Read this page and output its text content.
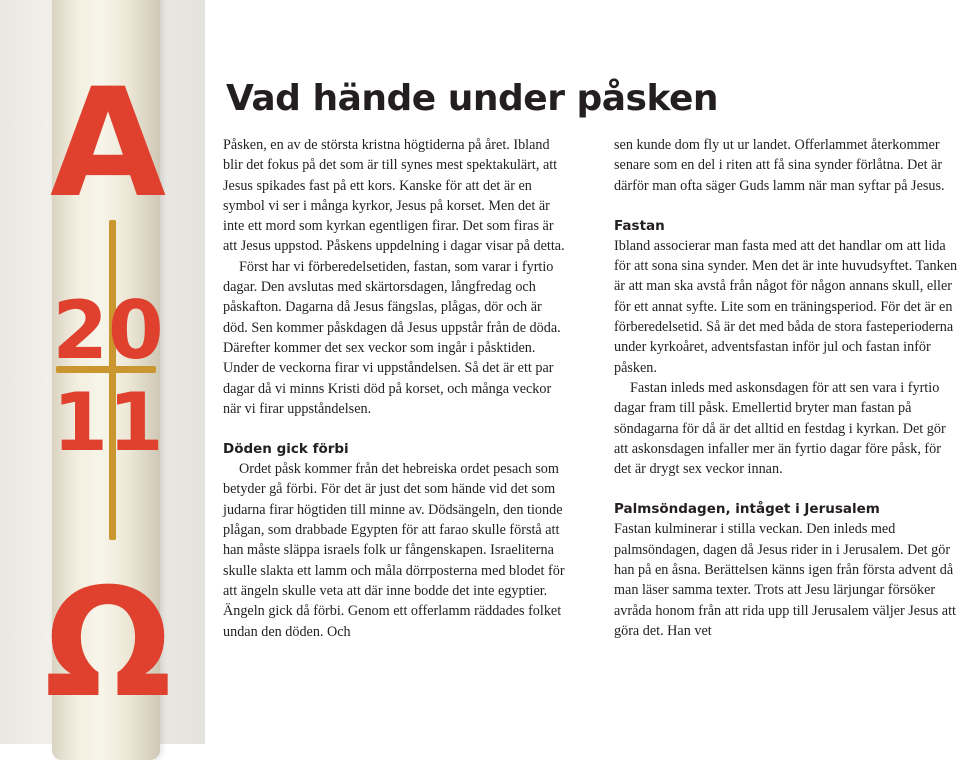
A
20
11
Ω
Vad hände under påsken

Påsken, en av de största kristna högtiderna på året. Ibland blir det fokus på det som är till synes mest spektakulärt, att Jesus spikades fast på ett kors. Kanske för att det är en symbol vi ser i många kyrkor, Jesus på korset. Men det är inte ett mord som kyrkan egentligen firar. Det som firas är att Jesus uppstod. Påskens uppdelning i dagar visar på detta.

Först har vi förberedelsetiden, fastan, som varar i fyrtio dagar. Den avslutas med skärtorsdagen, långfredag och påskafton. Dagarna då Jesus fängslas, plågas, dör och är död. Sen kommer påskdagen då Jesus uppstår från de döda. Därefter kommer det sex veckor som ingår i påsktiden. Under de veckorna firar vi uppståndelsen. Så det är ett par dagar då vi minns Kristi död på korset, och många veckor när vi firar uppståndelsen.

Döden gick förbi

Ordet påsk kommer från det hebreiska ordet pesach som betyder gå förbi. För det är just det som hände vid det som judarna firar högtiden till minne av. Dödsängeln, den tionde plågan, som drabbade Egypten för att farao skulle förstå att han måste släppa israels folk ur fångenskapen. Israeliterna skulle slakta ett lamm och måla dörrposterna med blodet för att ängeln skulle veta att där inne bodde det inte egyptier. Ängeln gick då förbi. Genom ett offerlamm räddades folket undan den döden. Och

sen kunde dom fly ut ur landet. Offerlammet återkommer senare som en del i riten att få sina synder förlåtna. Det är därför man ofta säger Guds lamm när man syftar på Jesus.

Fastan

Ibland associerar man fasta med att det handlar om att lida för att sona sina synder. Men det är inte huvudsyftet. Tanken är att man ska avstå från något för någon annans skull, eller för ett annat syfte. Lite som en träningsperiod. För det är en förberedelsetid. Så är det med båda de stora fasteperioderna under kyrkoåret, adventsfastan inför jul och fastan inför påsken.

Fastan inleds med askonsdagen för att sen vara i fyrtio dagar fram till påsk. Emellertid bryter man fastan på söndagarna för då är det alltid en festdag i kyrkan. Det gör att askonsdagen infaller mer än fyrtio dagar före påsk, för det är drygt sex veckor innan.

Palmsöndagen, intåget i Jerusalem

Fastan kulminerar i stilla veckan. Den inleds med palmsöndagen, dagen då Jesus rider in i Jerusalem. Det gör han på en åsna. Berättelsen känns igen från första advent då man läser samma texter. Trots att Jesu lärjungar försöker avråda honom från att rida upp till Jerusalem väljer Jesus att göra det. Han vet
